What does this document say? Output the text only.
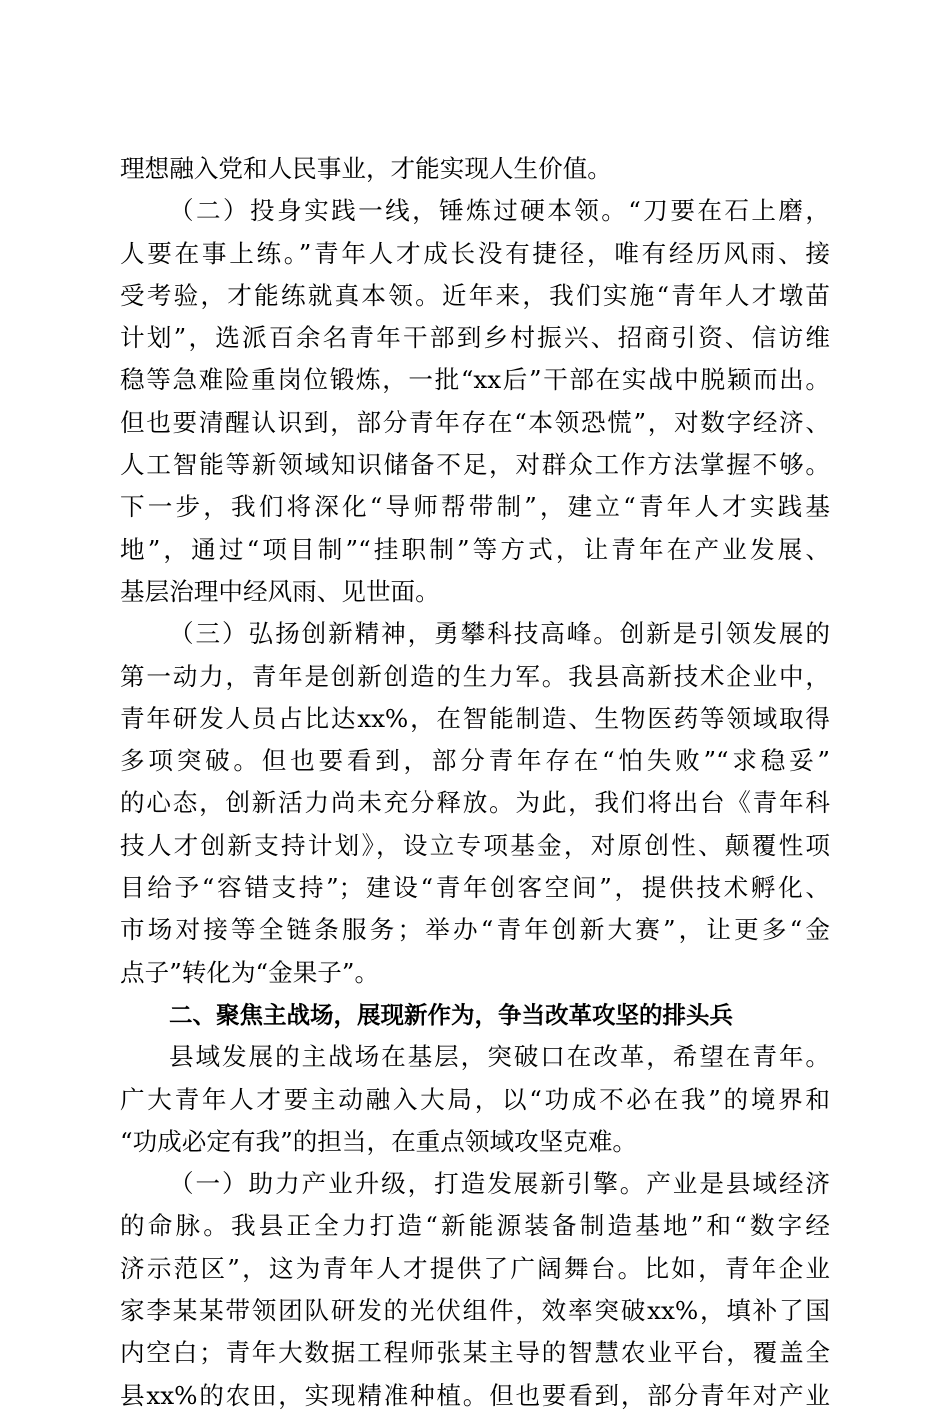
理想融入党和人民事业，才能实现人生价值。
（二）投身实践一线，锤炼过硬本领。“刀要在石上磨，
人要在事上练。”青年人才成长没有捷径，唯有经历风雨、接
受考验，才能练就真本领。近年来，我们实施“青年人才墩苗
计划”，选派百余名青年干部到乡村振兴、招商引资、信访维
稳等急难险重岗位锻炼，一批“xx后”干部在实战中脱颖而出。
但也要清醒认识到，部分青年存在“本领恐慌”，对数字经济、
人工智能等新领域知识储备不足，对群众工作方法掌握不够。
下一步，我们将深化“导师帮带制”，建立“青年人才实践基
地”，通过“项目制”“挂职制”等方式，让青年在产业发展、
基层治理中经风雨、见世面。
（三）弘扬创新精神，勇攀科技高峰。创新是引领发展的
第一动力，青年是创新创造的生力军。我县高新技术企业中，
青年研发人员占比达xx%，在智能制造、生物医药等领域取得
多项突破。但也要看到，部分青年存在“怕失败”“求稳妥”
的心态，创新活力尚未充分释放。为此，我们将出台《青年科
技人才创新支持计划》，设立专项基金，对原创性、颠覆性项
目给予“容错支持”；建设“青年创客空间”，提供技术孵化、
市场对接等全链条服务；举办“青年创新大赛”，让更多“金
点子”转化为“金果子”。
二、聚焦主战场，展现新作为，争当改革攻坚的排头兵
县域发展的主战场在基层，突破口在改革，希望在青年。
广大青年人才要主动融入大局，以“功成不必在我”的境界和
“功成必定有我”的担当，在重点领域攻坚克难。
（一）助力产业升级，打造发展新引擎。产业是县域经济
的命脉。我县正全力打造“新能源装备制造基地”和“数字经
济示范区”，这为青年人才提供了广阔舞台。比如，青年企业
家李某某带领团队研发的光伏组件，效率突破xx%，填补了国
内空白；青年大数据工程师张某主导的智慧农业平台，覆盖全
县xx%的农田，实现精准种植。但也要看到，部分青年对产业
